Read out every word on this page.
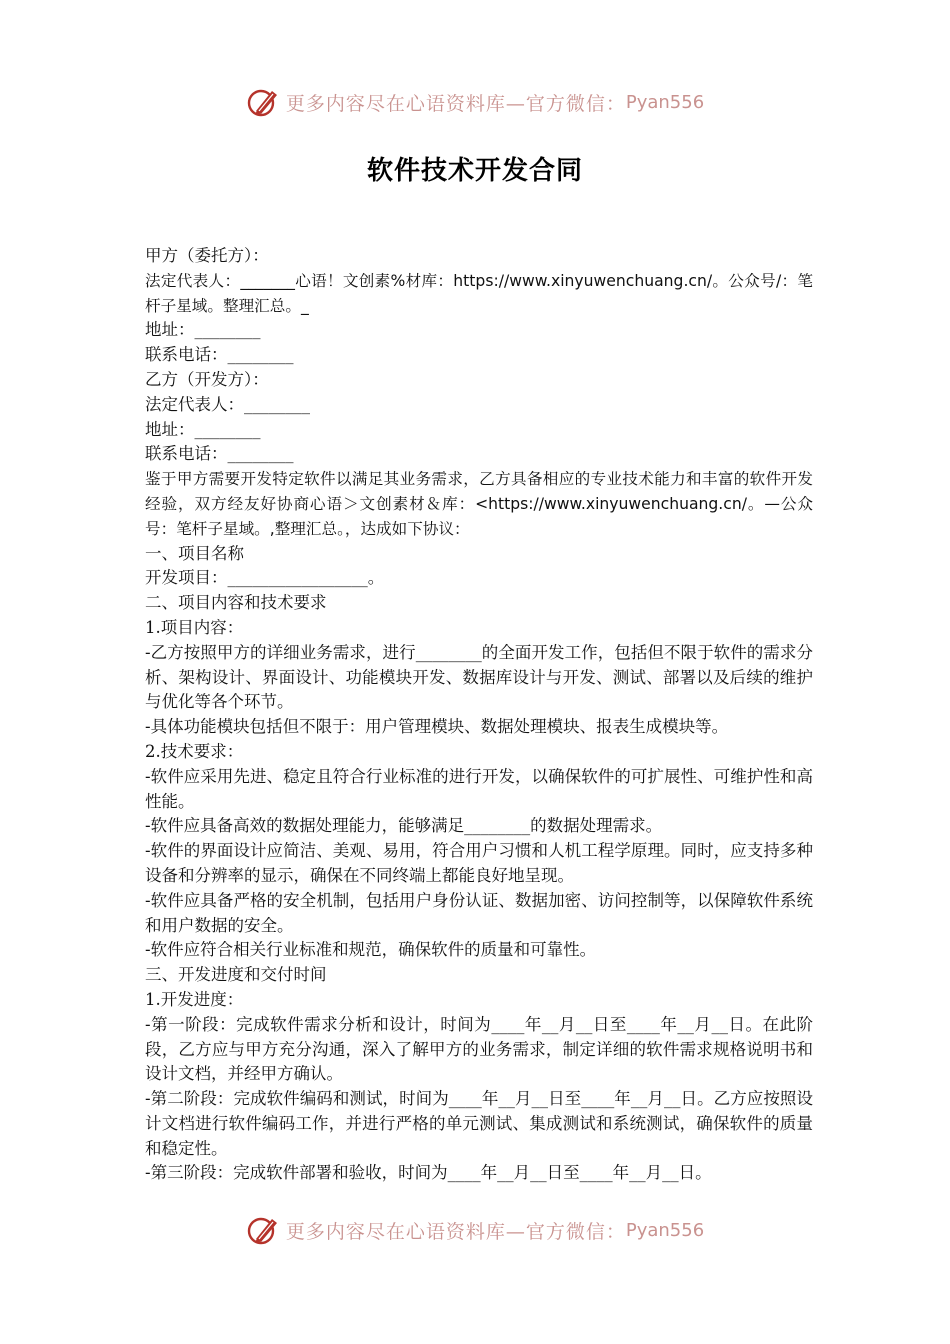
更多内容尽在心语资料库—官方微信： Pyan556
软件技术开发合同

甲方（委托方）：

法定代表人：_______心语！文创素%材库：https://www.xinyuwenchuang.cn/。公众号/：笔杆子星域。整理汇总。_

地址：________

联系电话：________

乙方（开发方）：

法定代表人：________

地址：________

联系电话：________

鉴于甲方需要开发特定软件以满足其业务需求，乙方具备相应的专业技术能力和丰富的软件开发经验，双方经友好协商心语＞文创素材＆库：<https://www.xinyuwenchuang.cn/。—公众号：笔杆子星域。,整理汇总。，达成如下协议：

一、项目名称

开发项目：_________________。

二、项目内容和技术要求

1.项目内容：

-乙方按照甲方的详细业务需求，进行________的全面开发工作，包括但不限于软件的需求分析、架构设计、界面设计、功能模块开发、数据库设计与开发、测试、部署以及后续的维护与优化等各个环节。

-具体功能模块包括但不限于：用户管理模块、数据处理模块、报表生成模块等。

2.技术要求：

-软件应采用先进、稳定且符合行业标准的进行开发，以确保软件的可扩展性、可维护性和高性能。

-软件应具备高效的数据处理能力，能够满足________的数据处理需求。

-软件的界面设计应简洁、美观、易用，符合用户习惯和人机工程学原理。同时，应支持多种设备和分辨率的显示，确保在不同终端上都能良好地呈现。

-软件应具备严格的安全机制，包括用户身份认证、数据加密、访问控制等，以保障软件系统和用户数据的安全。

-软件应符合相关行业标准和规范，确保软件的质量和可靠性。

三、开发进度和交付时间

1.开发进度：

-第一阶段：完成软件需求分析和设计，时间为____年__月__日至____年__月__日。在此阶段，乙方应与甲方充分沟通，深入了解甲方的业务需求，制定详细的软件需求规格说明书和设计文档，并经甲方确认。

-第二阶段：完成软件编码和测试，时间为____年__月__日至____年__月__日。乙方应按照设计文档进行软件编码工作，并进行严格的单元测试、集成测试和系统测试，确保软件的质量和稳定性。

-第三阶段：完成软件部署和验收，时间为____年__月__日至____年__月__日。

更多内容尽在心语资料库—官方微信： Pyan556
